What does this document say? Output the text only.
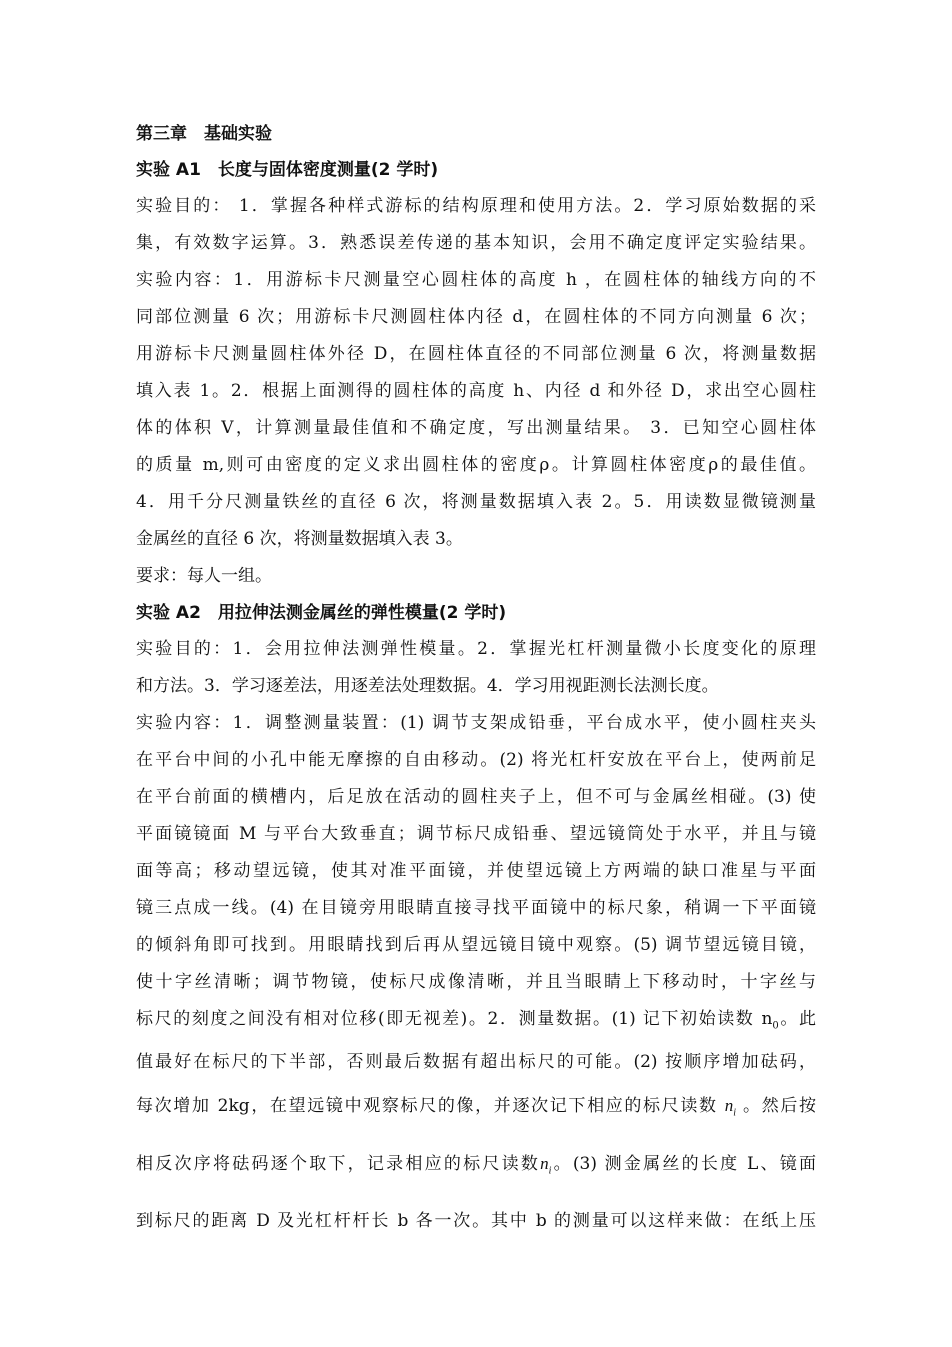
第三章　基础实验
实验 A1　长度与固体密度测量(2 学时)
实验目的： 1．掌握各种样式游标的结构原理和使用方法。2．学习原始数据的采
集，有效数字运算。3．熟悉误差传递的基本知识，会用不确定度评定实验结果。
实验内容：1．用游标卡尺测量空心圆柱体的高度 h ，在圆柱体的轴线方向的不
同部位测量 6 次；用游标卡尺测圆柱体内径 d，在圆柱体的不同方向测量 6 次；
用游标卡尺测量圆柱体外径 D，在圆柱体直径的不同部位测量 6 次，将测量数据
填入表 1。2．根据上面测得的圆柱体的高度 h、内径 d 和外径 D，求出空心圆柱
体的体积 V，计算测量最佳值和不确定度，写出测量结果。 3．已知空心圆柱体
的质量 m,则可由密度的定义求出圆柱体的密度ρ。计算圆柱体密度ρ的最佳值。
4．用千分尺测量铁丝的直径 6 次，将测量数据填入表 2。5．用读数显微镜测量
金属丝的直径 6 次，将测量数据填入表 3。
要求：每人一组。
实验 A2　用拉伸法测金属丝的弹性模量(2 学时)
实验目的：1．会用拉伸法测弹性模量。2．掌握光杠杆测量微小长度变化的原理
和方法。3．学习逐差法，用逐差法处理数据。4．学习用视距测长法测长度。
实验内容：1．调整测量装置：(1) 调节支架成铅垂，平台成水平，使小圆柱夹头
在平台中间的小孔中能无摩擦的自由移动。(2) 将光杠杆安放在平台上，使两前足
在平台前面的横槽内，后足放在活动的圆柱夹子上，但不可与金属丝相碰。(3) 使
平面镜镜面 M 与平台大致垂直；调节标尺成铅垂、望远镜筒处于水平，并且与镜
面等高；移动望远镜，使其对准平面镜，并使望远镜上方两端的缺口准星与平面
镜三点成一线。(4) 在目镜旁用眼睛直接寻找平面镜中的标尺象，稍调一下平面镜
的倾斜角即可找到。用眼睛找到后再从望远镜目镜中观察。(5) 调节望远镜目镜，
使十字丝清晰；调节物镜，使标尺成像清晰，并且当眼睛上下移动时，十字丝与
标尺的刻度之间没有相对位移(即无视差)。2．测量数据。(1) 记下初始读数 $n_0$。此
值最好在标尺的下半部，否则最后数据有超出标尺的可能。(2) 按顺序增加砝码，
每次增加 2kg，在望远镜中观察标尺的像，并逐次记下相应的标尺读数 $n_i$ 。然后按
相反次序将砝码逐个取下，记录相应的标尺读数$n_i$。(3) 测金属丝的长度 L、镜面
到标尺的距离 D 及光杠杆杆长 b 各一次。其中 b 的测量可以这样来做：在纸上压
